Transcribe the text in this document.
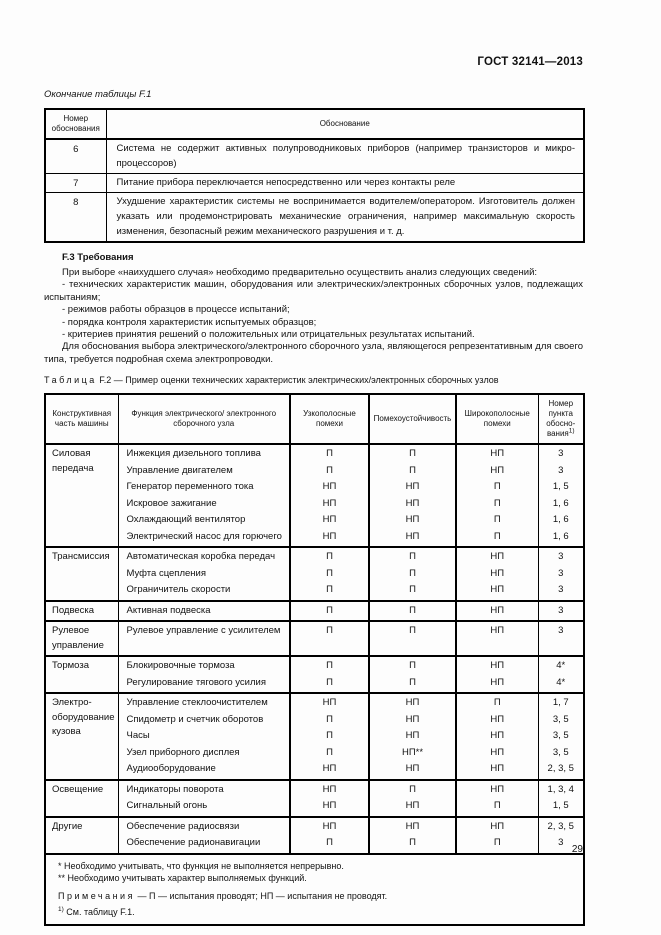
ГОСТ 32141—2013
Окончание таблицы F.1
Номер обоснования	Обоснование
6	Система не содержит активных полупроводниковых приборов (например транзисторов и микропроцессоров)
7	Питание прибора переключается непосредственно или через контакты реле
8	Ухудшение характеристик системы не воспринимается водителем/оператором. Изготовитель должен указать или продемонстрировать механические ограничения, например максимальную скорость изменения, безопасный режим механического разрушения и т. д.
F.3 Требования

При выборе «наихудшего случая» необходимо предварительно осуществить анализ следующих сведений:

- технических характеристик машин, оборудования или электрических/электронных сборочных узлов, подлежащих испытаниям;

- режимов работы образцов в процессе испытаний;

- порядка контроля характеристик испытуемых образцов;

- критериев принятия решений о положительных или отрицательных результатах испытаний.

Для обоснования выбора электрического/электронного сборочного узла, являющегося репрезентативным для своего типа, требуется подробная схема электропроводки.

Таблица F.2 — Пример оценки технических характеристик электрических/электронных сборочных узлов
Конструктивная часть машины	Функция электрического/ электронного сборочного узла	Узкополосные помехи	Помехоустойчивость	Широкополосные помехи	Номер пункта обоснования$^{1)}$
Силовая передача	Инжекция дизельного топлива	П	П	НП	3
	Управление двигателем	П	П	НП	3
	Генератор переменного тока	НП	НП	П	1, 5
	Искровое зажигание	НП	НП	П	1, 6
	Охлаждающий вентилятор	НП	НП	П	1, 6
	Электрический насос для горючего	НП	НП	П	1, 6
Трансмиссия	Автоматическая коробка передач	П	П	НП	3
	Муфта сцепления	П	П	НП	3
	Ограничитель скорости	П	П	НП	3
Подвеска	Активная подвеска	П	П	НП	3
Рулевое управление	Рулевое управление с усилителем	П	П	НП	3
Тормоза	Блокировочные тормоза	П	П	НП	4*
	Регулирование тягового усилия	П	П	НП	4*
Электрооборудование кузова	Управление стеклоочистителем	НП	НП	П	1, 7
	Спидометр и счетчик оборотов	П	НП	НП	3, 5
	Часы	П	НП	НП	3, 5
	Узел приборного дисплея	П	НП**	НП	3, 5
	Аудиооборудование	НП	НП	НП	2, 3, 5
Освещение	Индикаторы поворота	НП	П	НП	1, 3, 4
	Сигнальный огонь	НП	НП	П	1, 5
Другие	Обеспечение радиосвязи	НП	НП	НП	2, 3, 5
	Обеспечение радионавигации	П	П	П	3

* Необходимо учитывать, что функция не выполняется непрерывно.
** Необходимо учитывать характер выполняемых функций.
Примечания — П — испытания проводят; НП — испытания не проводят.
$^{1)}$ См. таблицу F.1.					
29
